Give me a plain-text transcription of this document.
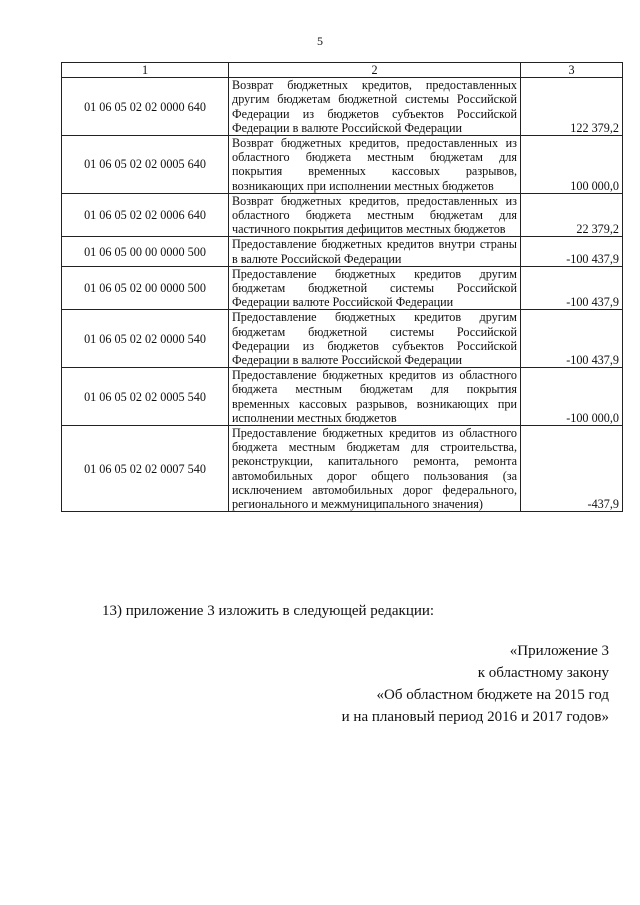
5
1	2	3
01 06 05 02 02 0000 640	Возврат бюджетных кредитов, предоставленных другим бюджетам бюджетной системы Российской Федерации из бюджетов субъектов Российской Федерации в валюте Российской Федерации	122 379,2
01 06 05 02 02 0005 640	Возврат бюджетных кредитов, предоставленных из областного бюджета местным бюджетам для покрытия временных кассовых разрывов, возникающих при исполнении местных бюджетов	100 000,0
01 06 05 02 02 0006 640	Возврат бюджетных кредитов, предоставленных из областного бюджета местным бюджетам для частичного покрытия дефицитов местных бюджетов	22 379,2
01 06 05 00 00 0000 500	Предоставление бюджетных кредитов внутри страны в валюте Российской Федерации	-100 437,9
01 06 05 02 00 0000 500	Предоставление бюджетных кредитов другим бюджетам бюджетной системы Российской Федерации валюте Российской Федерации	-100 437,9
01 06 05 02 02 0000 540	Предоставление бюджетных кредитов другим бюджетам бюджетной системы Российской Федерации из бюджетов субъектов Российской Федерации в валюте Российской Федерации	-100 437,9
01 06 05 02 02 0005 540	Предоставление бюджетных кредитов из областного бюджета местным бюджетам для покрытия временных кассовых разрывов, возникающих при исполнении местных бюджетов	-100 000,0
01 06 05 02 02 0007 540	Предоставление бюджетных кредитов из областного бюджета местным бюджетам для строительства, реконструкции, капитального ремонта, ремонта автомобильных дорог общего пользования (за исключением автомобильных дорог федерального, регионального и межмуниципального значения)	-437,9
13) приложение 3 изложить в следующей редакции:
«Приложение 3
к областному закону
«Об областном бюджете на 2015 год
и на плановый период 2016 и 2017 годов»
